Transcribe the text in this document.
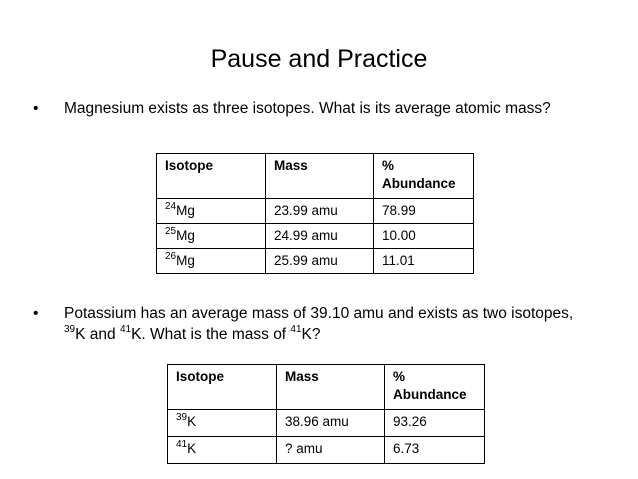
Pause and Practice
• Magnesium exists as three isotopes. What is its average atomic mass?
Isotope	Mass	%
Abundance
$^{24}$Mg	23.99 amu	78.99
$^{25}$Mg	24.99 amu	10.00
$^{26}$Mg	25.99 amu	11.01
• Potassium has an average mass of 39.10 amu and exists as two isotopes,
$^{39}$K and $^{41}$K. What is the mass of $^{41}$K?
Isotope	Mass	%
Abundance
$^{39}$K	38.96 amu	93.26
$^{41}$K	? amu	6.73
